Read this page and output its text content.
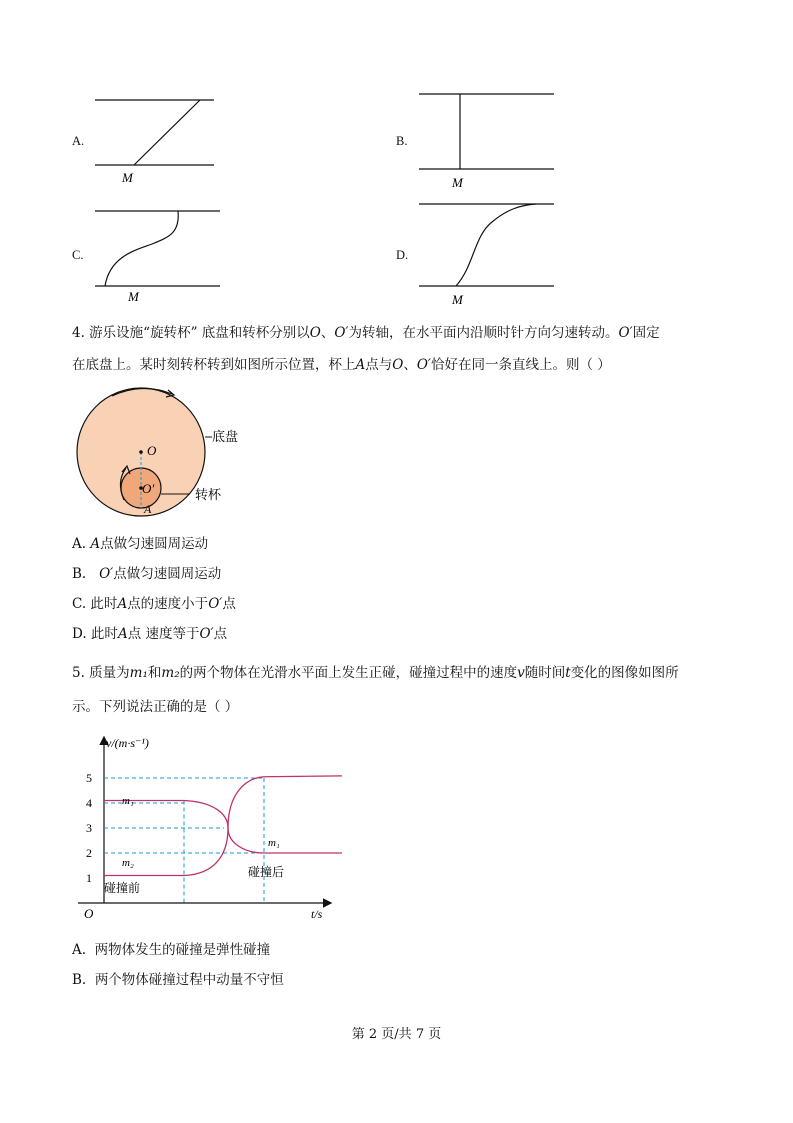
A.
M
B.
M
C.
M
D.
M
4. 游乐设施“旋转杯” 底盘和转杯分别以O、O′为转轴，在水平面内沿顺时针方向匀速转动。O′固定
在底盘上。某时刻转杯转到如图所示位置，杯上A点与O、O′恰好在同一条直线上。则（ ）
O
O′
A
底盘
转杯
A. A点做匀速圆周运动
B. O′点做匀速圆周运动
C. 此时A点的速度小于O′点
D. 此时A点 速度等于O′点
5. 质量为m₁和m₂的两个物体在光滑水平面上发生正碰，碰撞过程中的速度v随时间t变化的图像如图所
示。下列说法正确的是（ ）
v/(m·s⁻¹)
t/s
O
1
2
3
4
5
m₁
m₂
m₁
碰撞前
碰撞后
A. 两物体发生的碰撞是弹性碰撞
B. 两个物体碰撞过程中动量不守恒
第 2 页/共 7 页
